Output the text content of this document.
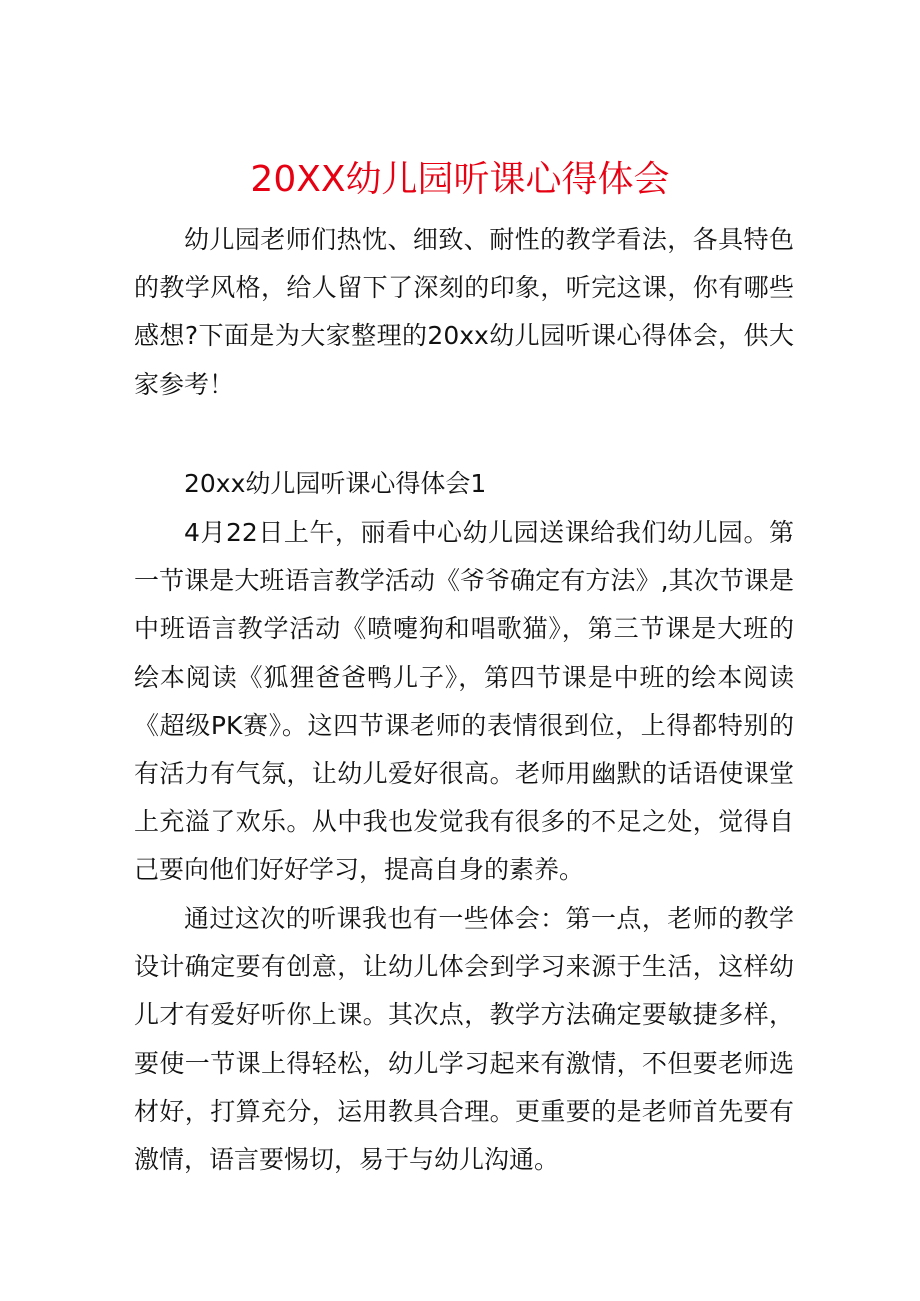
20XX幼儿园听课心得体会

幼儿园老师们热忱、细致、耐性的教学看法，各具特色的教学风格，给人留下了深刻的印象，听完这课，你有哪些感想?下面是为大家整理的20xx幼儿园听课心得体会，供大家参考！

20xx幼儿园听课心得体会1

4月22日上午，丽看中心幼儿园送课给我们幼儿园。第一节课是大班语言教学活动《爷爷确定有方法》,其次节课是中班语言教学活动《喷嚏狗和唱歌猫》，第三节课是大班的绘本阅读《狐狸爸爸鸭儿子》，第四节课是中班的绘本阅读《超级PK赛》。这四节课老师的表情很到位，上得都特别的有活力有气氛，让幼儿爱好很高。老师用幽默的话语使课堂上充溢了欢乐。从中我也发觉我有很多的不足之处，觉得自己要向他们好好学习，提高自身的素养。

通过这次的听课我也有一些体会：第一点，老师的教学设计确定要有创意，让幼儿体会到学习来源于生活，这样幼儿才有爱好听你上课。其次点，教学方法确定要敏捷多样，要使一节课上得轻松，幼儿学习起来有激情，不但要老师选材好，打算充分，运用教具合理。更重要的是老师首先要有激情，语言要惕切，易于与幼儿沟通。
